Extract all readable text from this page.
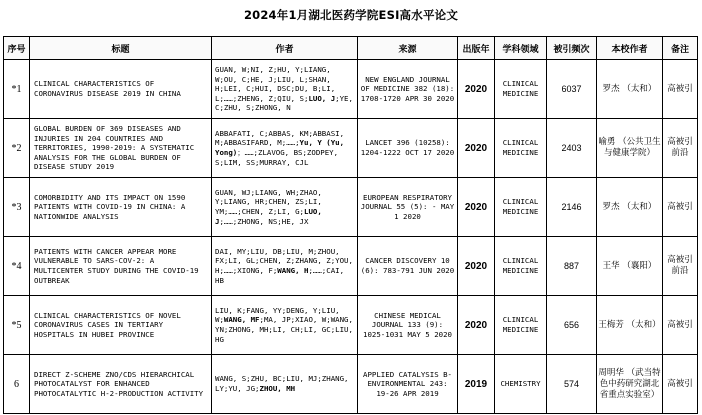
2024年1月湖北医药学院ESI高水平论文
序号	标题	作者	来源	出版年	学科领域	被引频次	本校作者	备注
*1	CLINICAL CHARACTERISTICS OF CORONAVIRUS DISEASE 2019 IN CHINA	GUAN, W;NI, Z;HU, Y;LIANG, W;OU, C;HE, J;LIU, L;SHAN, H;LEI, C;HUI, DSC;DU, B;LI, L;……;ZHENG, Z;QIU, S;LUO, J;YE, C;ZHU, S;ZHONG, N	NEW ENGLAND JOURNAL OF MEDICINE 382 (18): 1708-1720 APR 30 2020	2020	CLINICAL MEDICINE	6037	罗杰 （太和）	高被引
*2	GLOBAL BURDEN OF 369 DISEASES AND INJURIES IN 204 COUNTRIES AND TERRITORIES, 1990-2019: A SYSTEMATIC ANALYSIS FOR THE GLOBAL BURDEN OF DISEASE STUDY 2019	ABBAFATI, C;ABBAS, KM;ABBASI, M;ABBASIFARD, M;……;Yu, Y (Yu, Yong)；……;ZLAVOG, BS;ZODPEY, S;LIM, SS;MURRAY, CJL	LANCET 396 (10258): 1204-1222 OCT 17 2020	2020	CLINICAL MEDICINE	2403	喻勇 （公共卫生与健康学院）	高被引 前沿
*3	COMORBIDITY AND ITS IMPACT ON 1590 PATIENTS WITH COVID-19 IN CHINA: A NATIONWIDE ANALYSIS	GUAN, WJ;LIANG, WH;ZHAO, Y;LIANG, HR;CHEN, ZS;LI, YM;……;CHEN, Z;LI, G;LUO, J;……;ZHONG, NS;HE, JX	EUROPEAN RESPIRATORY JOURNAL 55 (5): - MAY 1 2020	2020	CLINICAL MEDICINE	2146	罗杰 （太和）	高被引
*4	PATIENTS WITH CANCER APPEAR MORE VULNERABLE TO SARS-COV-2: A MULTICENTER STUDY DURING THE COVID-19 OUTBREAK	DAI, MY;LIU, DB;LIU, M;ZHOU, FX;LI, GL;CHEN, Z;ZHANG, Z;YOU, H;……;XIONG, F;WANG, H;……;CAI, HB	CANCER DISCOVERY 10 (6): 783-791 JUN 2020	2020	CLINICAL MEDICINE	887	王华 （襄阳）	高被引 前沿
*5	CLINICAL CHARACTERISTICS OF NOVEL CORONAVIRUS CASES IN TERTIARY HOSPITALS IN HUBEI PROVINCE	LIU, K;FANG, YY;DENG, Y;LIU, W;WANG, MF;MA, JP;XIAO, W;WANG, YN;ZHONG, MH;LI, CH;LI, GC;LIU, HG	CHINESE MEDICAL JOURNAL 133 (9): 1025-1031 MAY 5 2020	2020	CLINICAL MEDICINE	656	王梅芳 （太和）	高被引
6	DIRECT Z-SCHEME ZNO/CDS HIERARCHICAL PHOTOCATALYST FOR ENHANCED PHOTOCATALYTIC H-2-PRODUCTION ACTIVITY	WANG, S;ZHU, BC;LIU, MJ;ZHANG, LY;YU, JG;ZHOU, MH	APPLIED CATALYSIS B-ENVIRONMENTAL 243: 19-26 APR 2019	2019	CHEMISTRY	574	周明华 （武当特色中药研究湖北省重点实验室）	高被引
